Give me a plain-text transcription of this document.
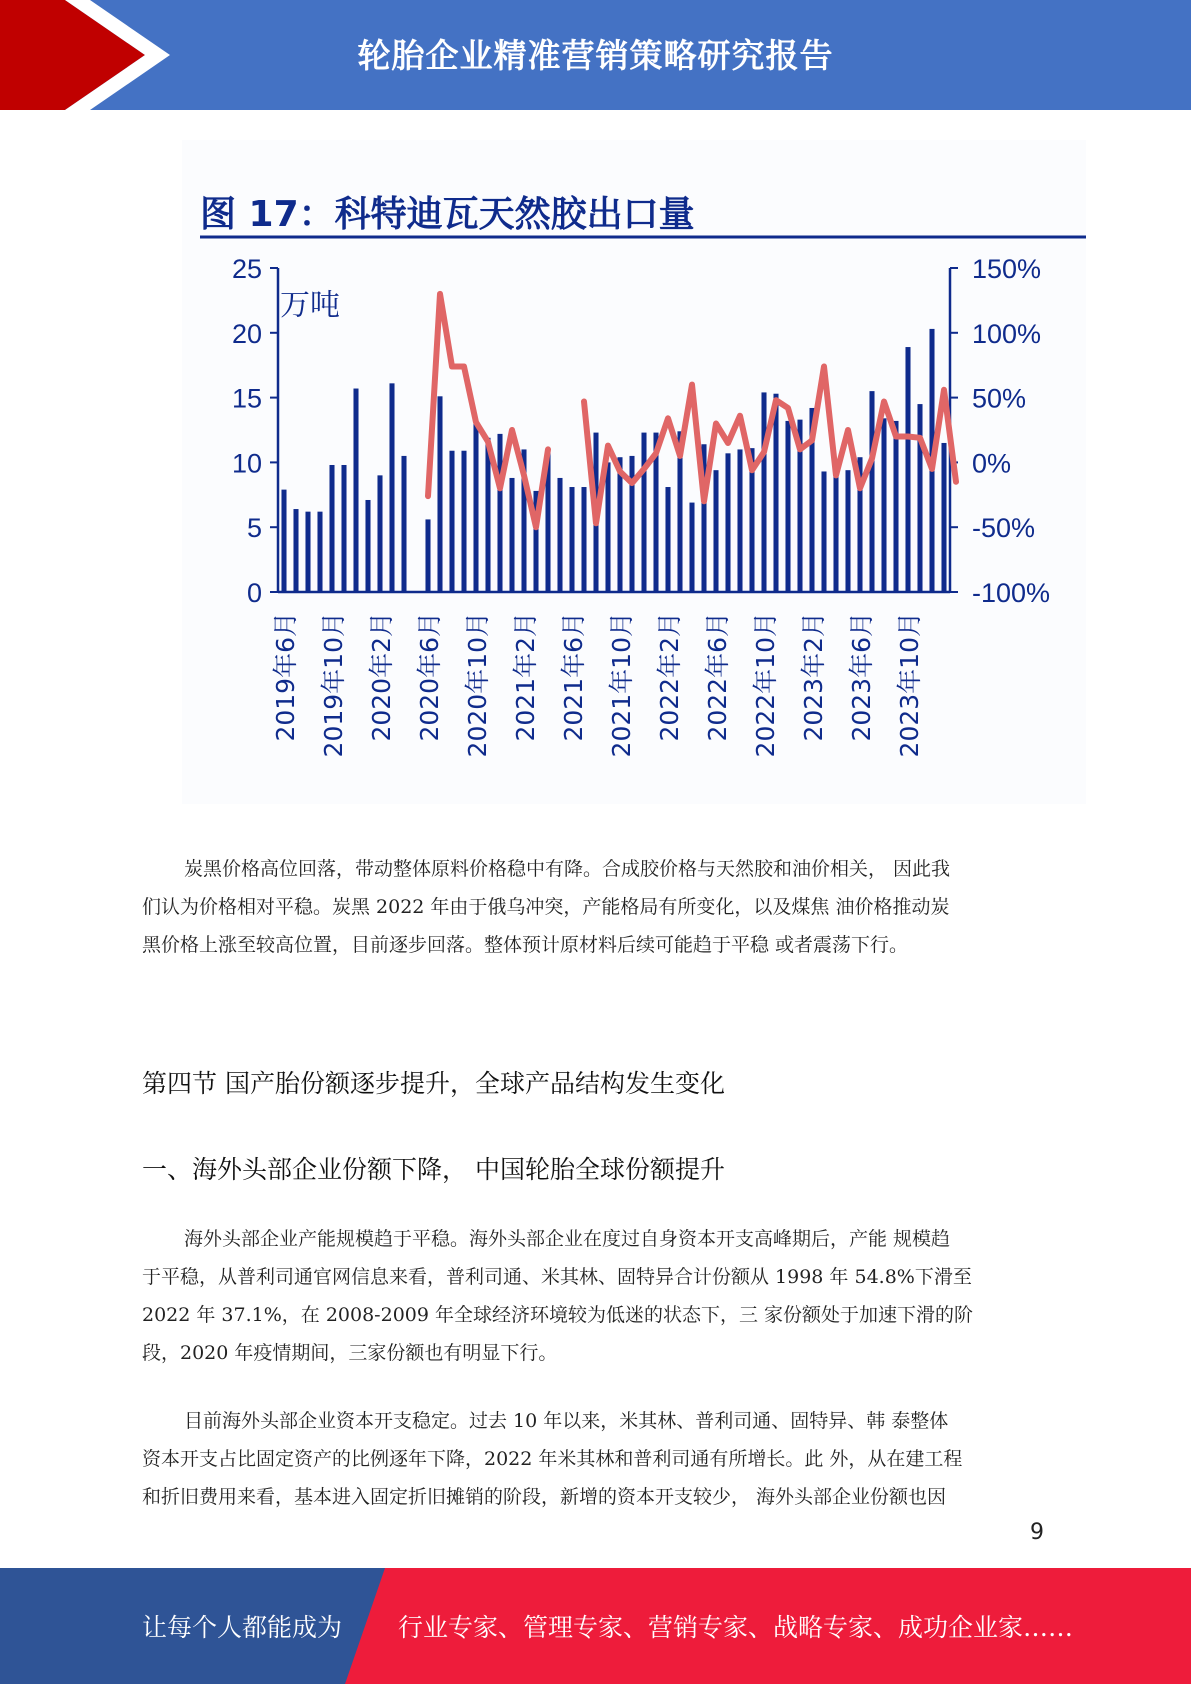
轮胎企业精准营销策略研究报告
图 17：科特迪瓦天然胶出口量
0
5
10
15
20
25
-100%
-50%
0%
50%
100%
150%
万吨
2019年6月 2019年10月 2020年2月 2020年6月 2020年10月 2021年2月 2021年6月 2021年10月 2022年2月 2022年6月 2022年10月 2023年2月 2023年6月 2023年10月
炭黑价格高位回落，带动整体原料价格稳中有降。合成胶价格与天然胶和油价相关， 因此我
们认为价格相对平稳。炭黑 2022 年由于俄乌冲突，产能格局有所变化，以及煤焦 油价格推动炭
黑价格上涨至较高位置，目前逐步回落。整体预计原材料后续可能趋于平稳 或者震荡下行。
第四节 国产胎份额逐步提升，全球产品结构发生变化
一、海外头部企业份额下降， 中国轮胎全球份额提升
海外头部企业产能规模趋于平稳。海外头部企业在度过自身资本开支高峰期后，产能 规模趋
于平稳，从普利司通官网信息来看，普利司通、米其林、固特异合计份额从 1998 年 54.8%下滑至
2022 年 37.1%，在 2008-2009 年全球经济环境较为低迷的状态下，三 家份额处于加速下滑的阶
段，2020 年疫情期间，三家份额也有明显下行。
目前海外头部企业资本开支稳定。过去 10 年以来，米其林、普利司通、固特异、韩 泰整体
资本开支占比固定资产的比例逐年下降，2022 年米其林和普利司通有所增长。此 外，从在建工程
和折旧费用来看，基本进入固定折旧摊销的阶段，新增的资本开支较少， 海外头部企业份额也因
9
让每个人都能成为 行业专家、管理专家、营销专家、战略专家、成功企业家……
